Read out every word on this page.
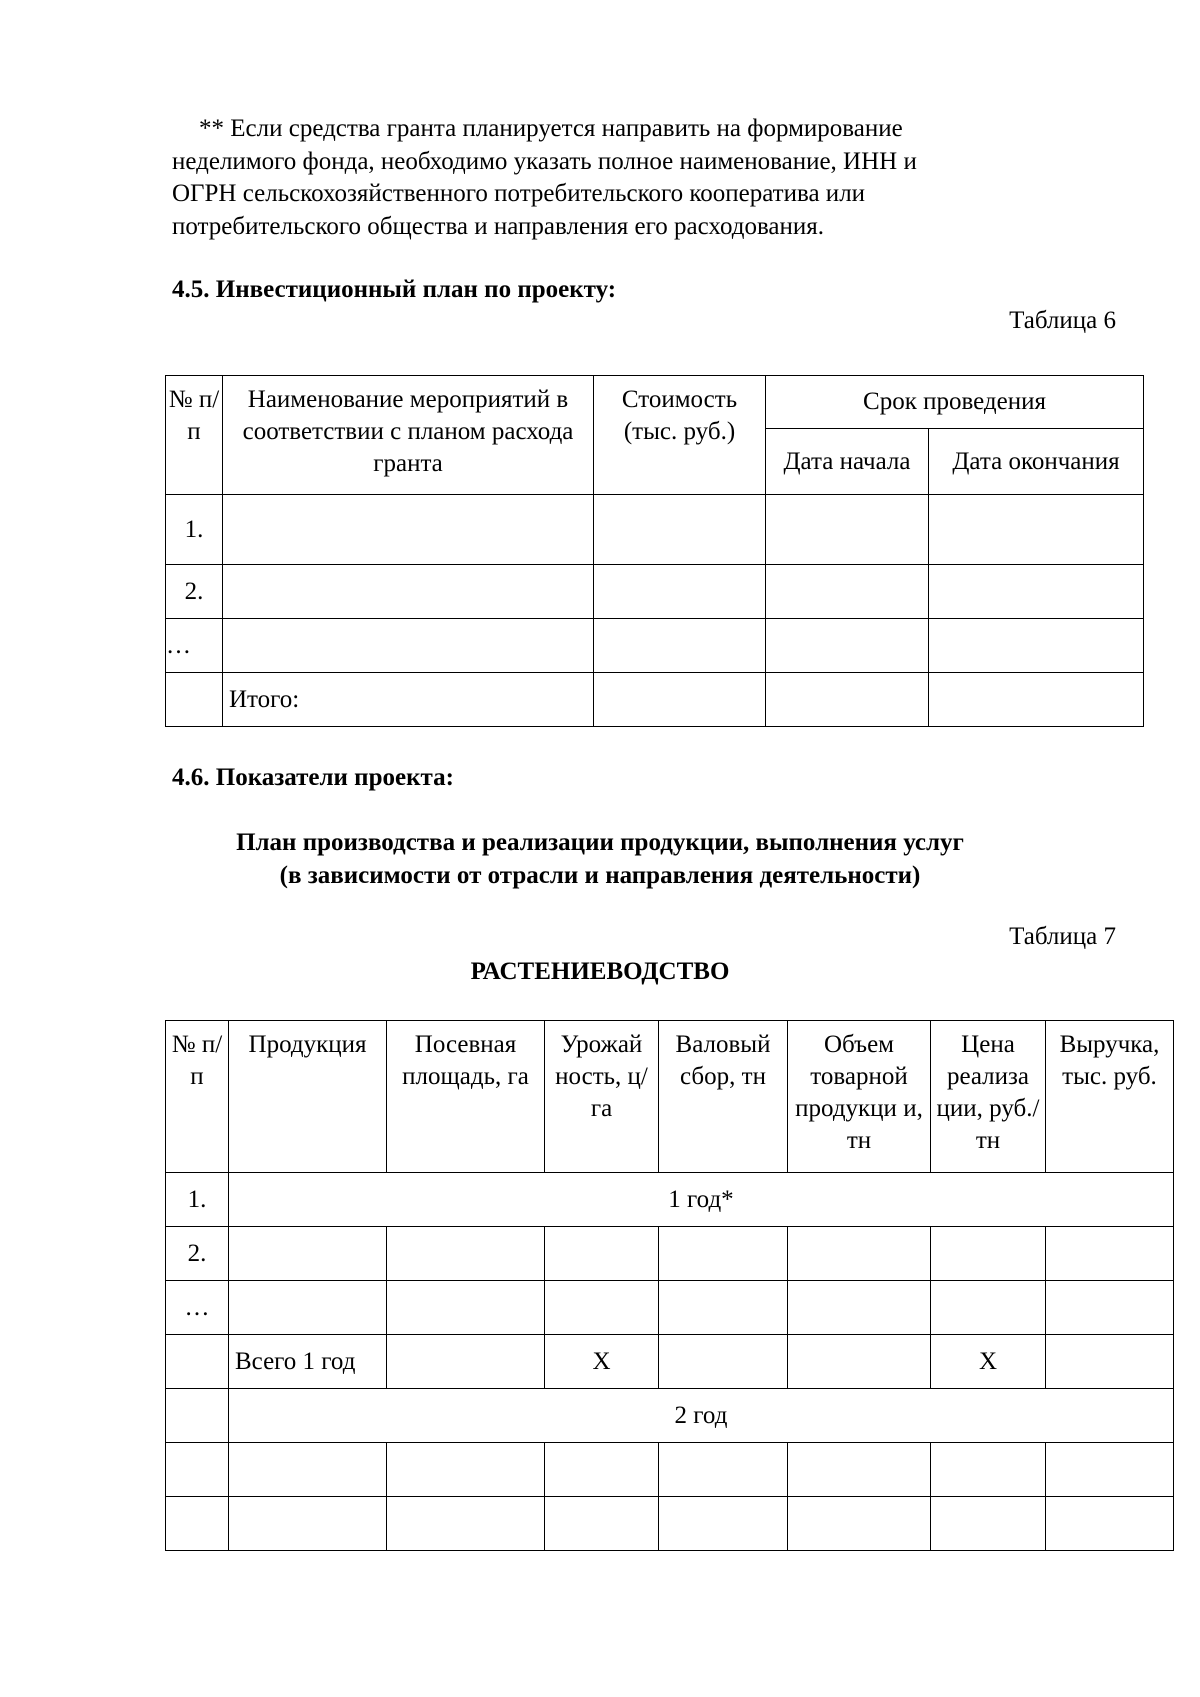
** Если средства гранта планируется направить на формирование
неделимого фонда, необходимо указать полное наименование, ИНН и
ОГРН сельскохозяйственного потребительского кооператива или
потребительского общества и направления его расходования.

4.5. Инвестиционный план по проекту:

Таблица 6

№ п/п	Наименование мероприятий в соответствии с планом расхода гранта	Стоимость (тыс. руб.)	Срок проведения	
			Дата начала	Дата окончания
1.				
2.				
…				
	Итого:			

4.6. Показатели проекта:

План производства и реализации продукции, выполнения услуг

(в зависимости от отрасли и направления деятельности)

Таблица 7

РАСТЕНИЕВОДСТВО

№ п/п	Продукция	Посевная площадь, га	Урожай ность, ц/га	Валовый сбор, тн	Объем товарной продукци и, тн	Цена реализа ции, руб./тн	Выручка, тыс. руб.
1.	1 год*						
2.							
…							
	Всего 1 год		X			X	
	2 год						
